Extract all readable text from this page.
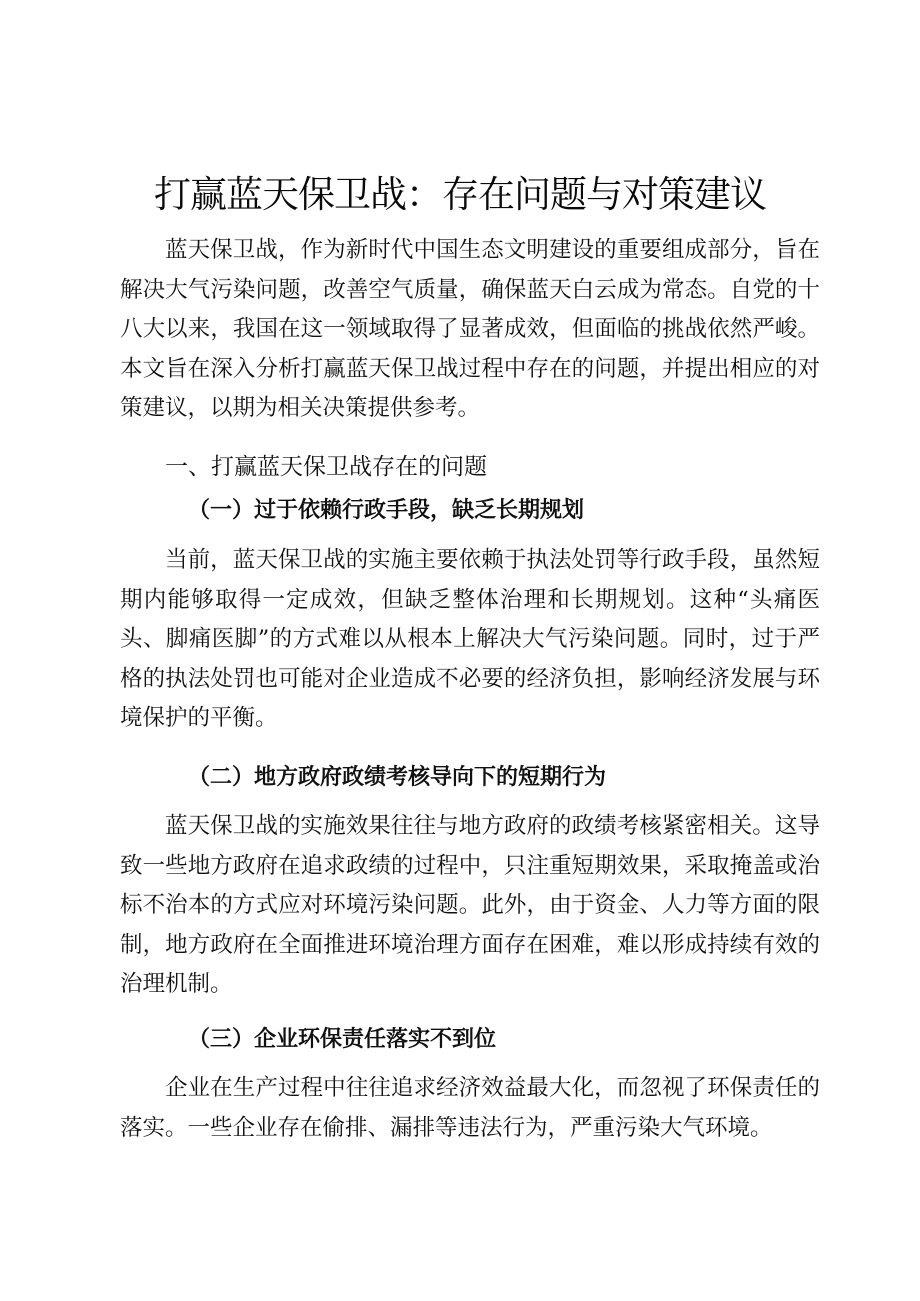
打赢蓝天保卫战：存在问题与对策建议

蓝天保卫战，作为新时代中国生态文明建设的重要组成部分，旨在解决大气污染问题，改善空气质量，确保蓝天白云成为常态。自党的十八大以来，我国在这一领域取得了显著成效，但面临的挑战依然严峻。本文旨在深入分析打赢蓝天保卫战过程中存在的问题，并提出相应的对策建议，以期为相关决策提供参考。

一、打赢蓝天保卫战存在的问题
（一）过于依赖行政手段，缺乏长期规划

当前，蓝天保卫战的实施主要依赖于执法处罚等行政手段，虽然短期内能够取得一定成效，但缺乏整体治理和长期规划。这种“头痛医头、脚痛医脚”的方式难以从根本上解决大气污染问题。同时，过于严格的执法处罚也可能对企业造成不必要的经济负担，影响经济发展与环境保护的平衡。

（二）地方政府政绩考核导向下的短期行为

蓝天保卫战的实施效果往往与地方政府的政绩考核紧密相关。这导致一些地方政府在追求政绩的过程中，只注重短期效果，采取掩盖或治标不治本的方式应对环境污染问题。此外，由于资金、人力等方面的限制，地方政府在全面推进环境治理方面存在困难，难以形成持续有效的治理机制。

（三）企业环保责任落实不到位

企业在生产过程中往往追求经济效益最大化，而忽视了环保责任的落实。一些企业存在偷排、漏排等违法行为，严重污染大气环境。
